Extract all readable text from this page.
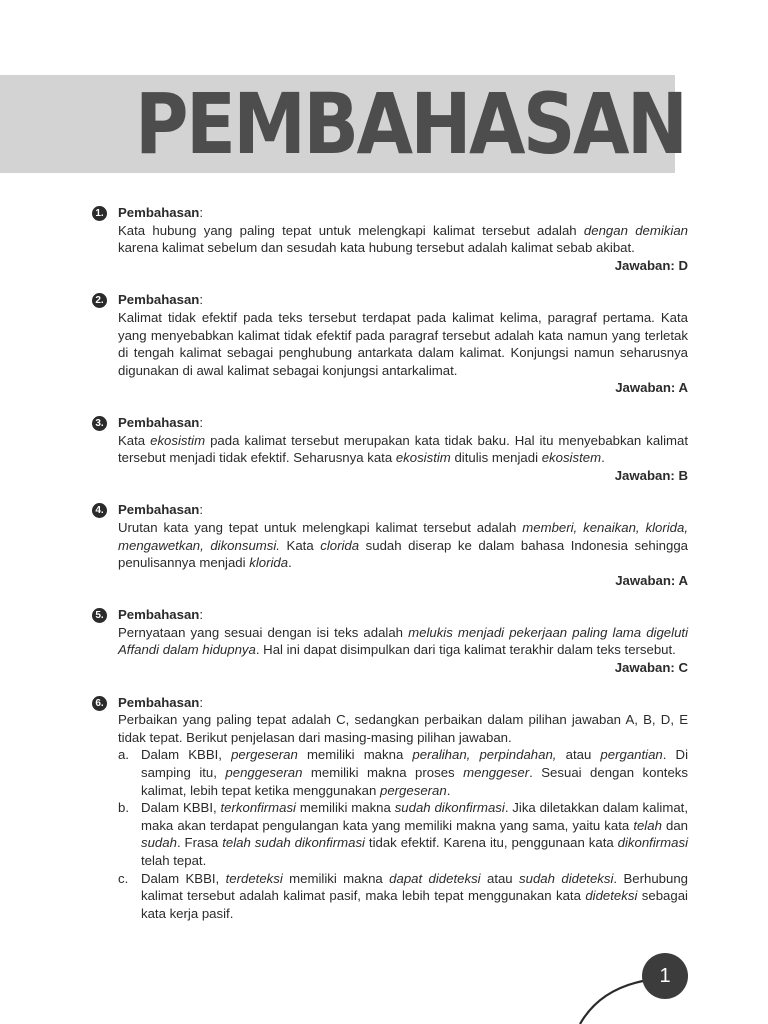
PEMBAHASAN
1. Pembahasan:

Kata hubung yang paling tepat untuk melengkapi kalimat tersebut adalah dengan demikian karena kalimat sebelum dan sesudah kata hubung tersebut adalah kalimat sebab akibat.

Jawaban: D
2. Pembahasan:

Kalimat tidak efektif pada teks tersebut terdapat pada kalimat kelima, paragraf pertama. Kata yang menyebabkan kalimat tidak efektif pada paragraf tersebut adalah kata namun yang terletak di tengah kalimat sebagai penghubung antarkata dalam kalimat. Konjungsi namun seharusnya digunakan di awal kalimat sebagai konjungsi antarkalimat.

Jawaban: A
3. Pembahasan:

Kata ekosistim pada kalimat tersebut merupakan kata tidak baku. Hal itu menyebabkan kalimat tersebut menjadi tidak efektif. Seharusnya kata ekosistim ditulis menjadi ekosistem.

Jawaban: B
4. Pembahasan:

Urutan kata yang tepat untuk melengkapi kalimat tersebut adalah memberi, kenaikan, klorida, mengawetkan, dikonsumsi. Kata clorida sudah diserap ke dalam bahasa Indonesia sehingga penulisannya menjadi klorida.

Jawaban: A
5. Pembahasan:

Pernyataan yang sesuai dengan isi teks adalah melukis menjadi pekerjaan paling lama digeluti Affandi dalam hidupnya. Hal ini dapat disimpulkan dari tiga kalimat terakhir dalam teks tersebut.

Jawaban: C
6. Pembahasan:

Perbaikan yang paling tepat adalah C, sedangkan perbaikan dalam pilihan jawaban A, B, D, E tidak tepat. Berikut penjelasan dari masing-masing pilihan jawaban.

a. Dalam KBBI, pergeseran memiliki makna peralihan, perpindahan, atau pergantian. Di samping itu, penggeseran memiliki makna proses menggeser. Sesuai dengan konteks kalimat, lebih tepat ketika menggunakan pergeseran.

b. Dalam KBBI, terkonfirmasi memiliki makna sudah dikonfirmasi. Jika diletakkan dalam kalimat, maka akan terdapat pengulangan kata yang memiliki makna yang sama, yaitu kata telah dan sudah. Frasa telah sudah dikonfirmasi tidak efektif. Karena itu, penggunaan kata dikonfirmasi telah tepat.

c. Dalam KBBI, terdeteksi memiliki makna dapat dideteksi atau sudah dideteksi. Berhubung kalimat tersebut adalah kalimat pasif, maka lebih tepat menggunakan kata dideteksi sebagai kata kerja pasif.

1
